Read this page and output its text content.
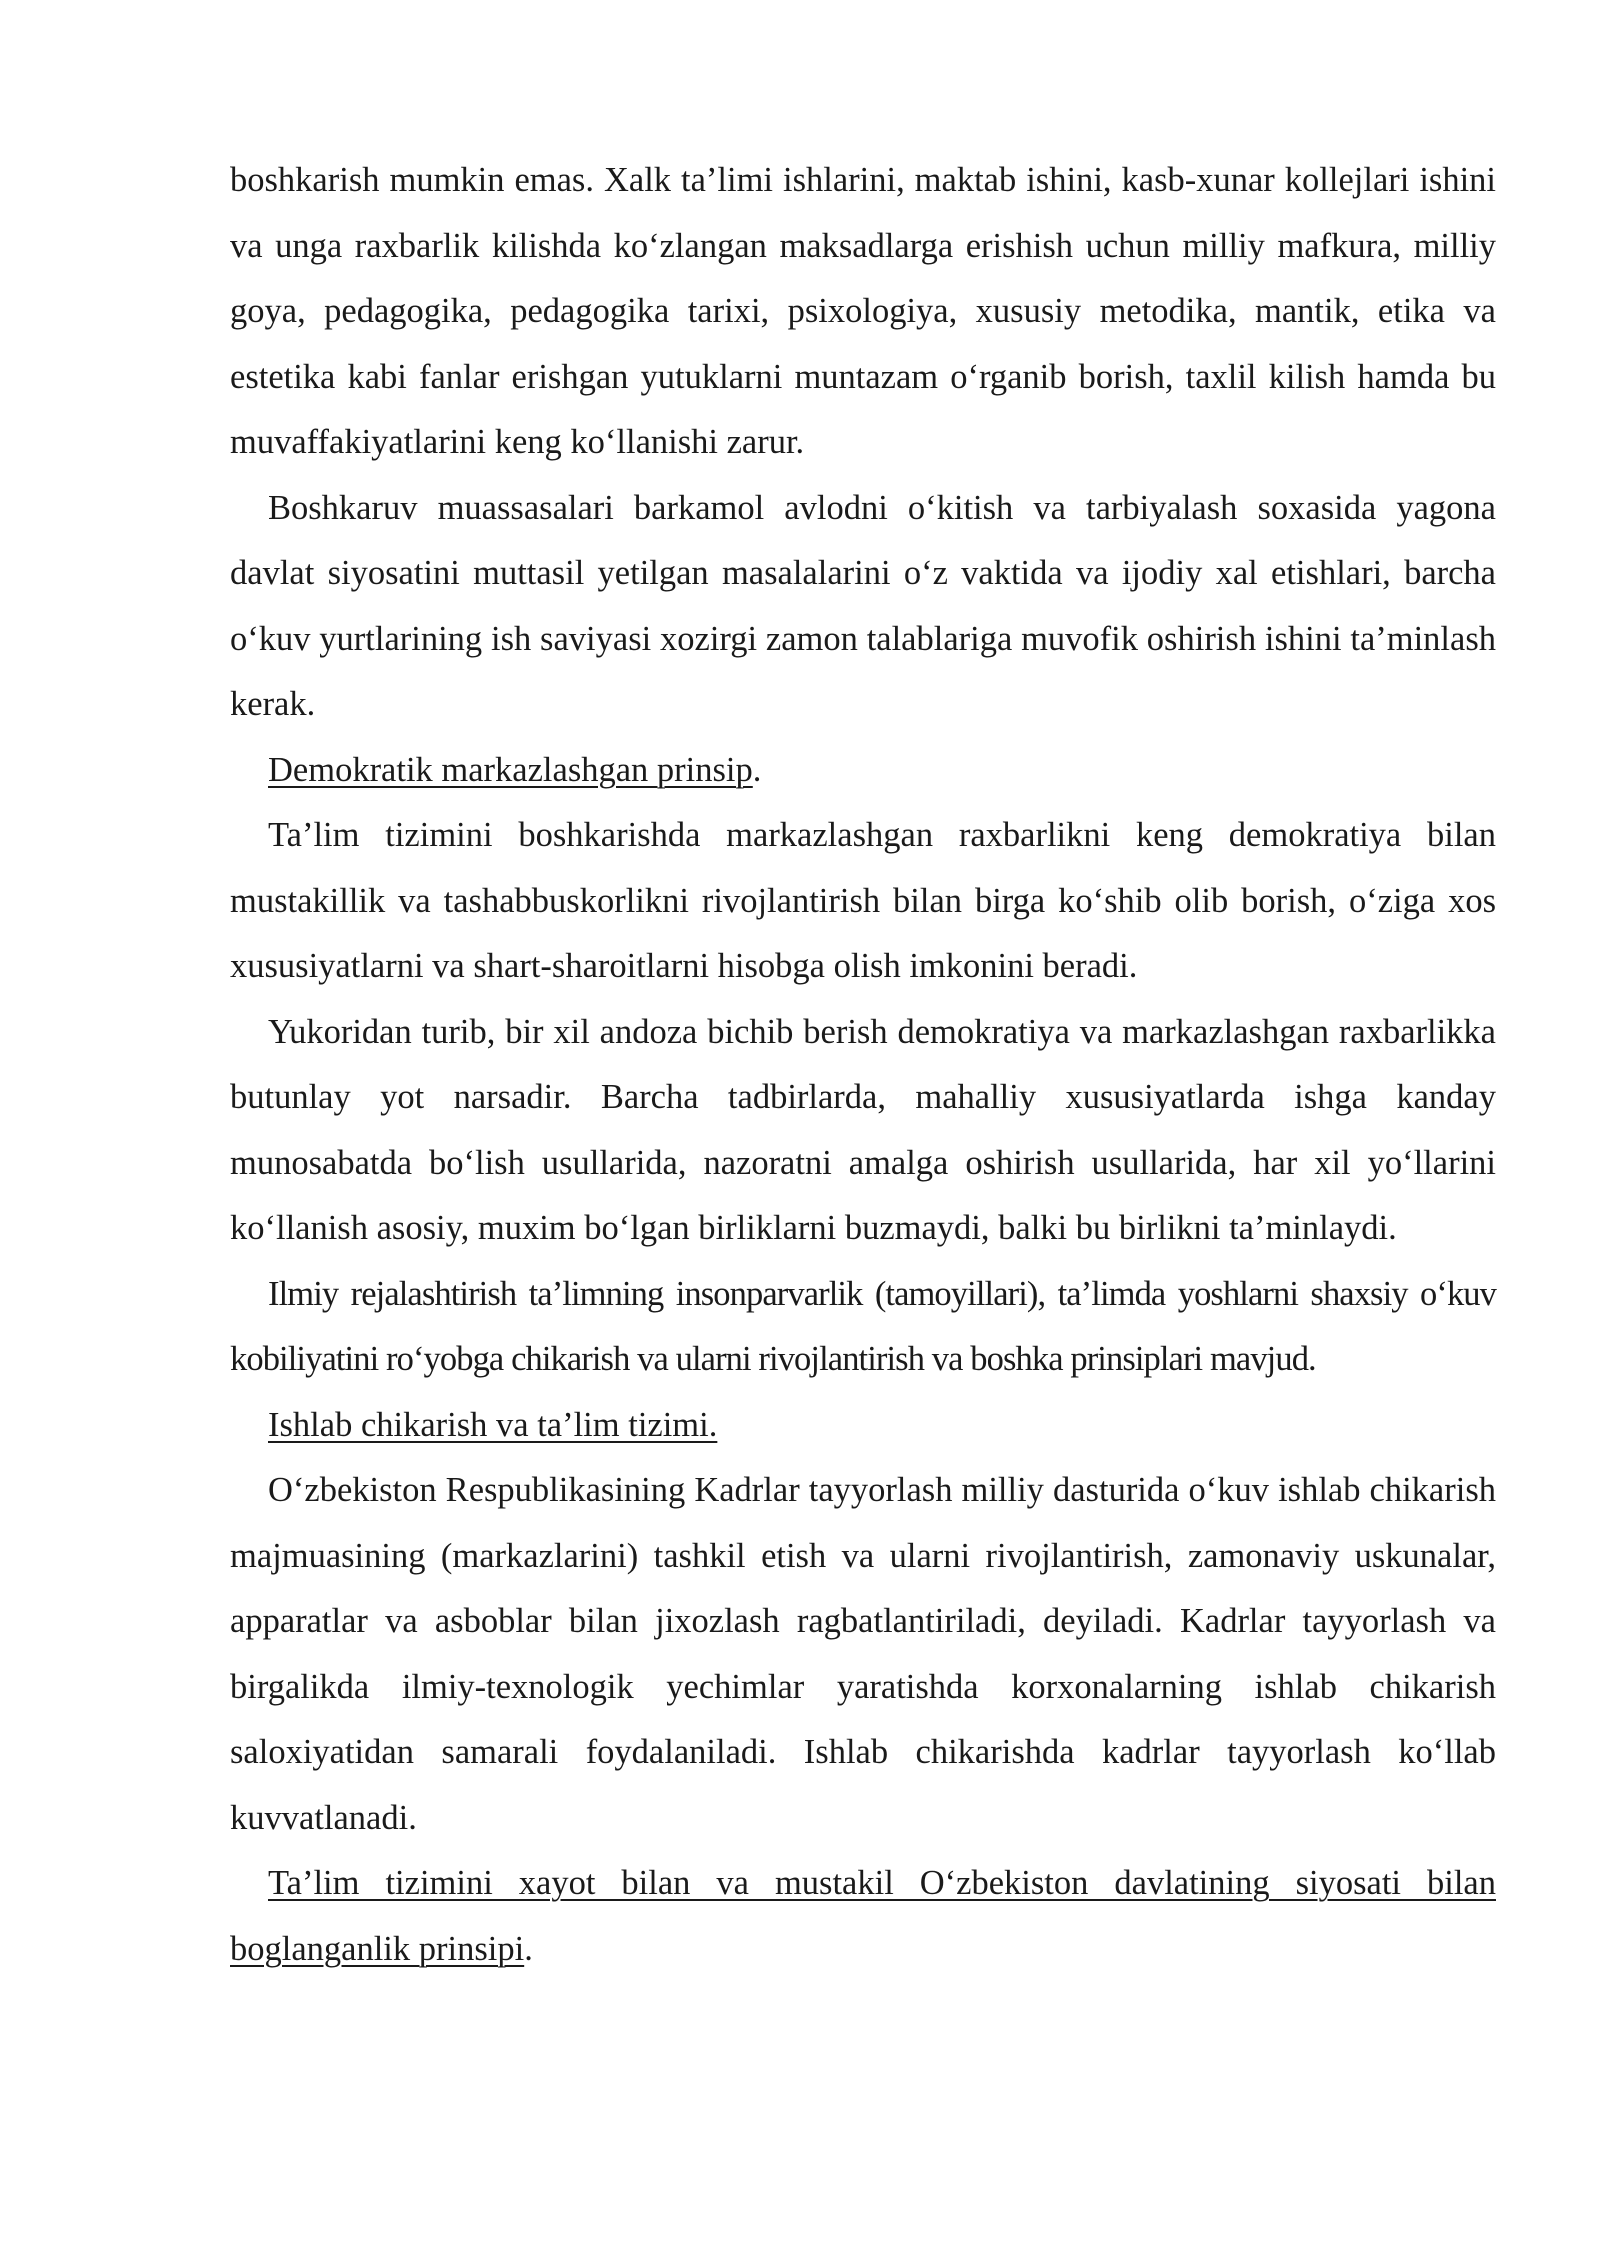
boshkarish mumkin emas. Xalk ta’limi ishlarini, maktab ishini, kasb-xunar kollejlari ishini va unga raxbarlik kilishda ko‘zlangan maksadlarga erishish uchun milliy mafkura, milliy goya, pedagogika, pedagogika tarixi, psixologiya, xususiy metodika, mantik, etika va estetika kabi fanlar erishgan yutuklarni muntazam o‘rganib borish, taxlil kilish hamda bu muvaffakiyatlarini keng ko‘llanishi zarur.

Boshkaruv muassasalari barkamol avlodni o‘kitish va tarbiyalash soxasida yagona davlat siyosatini muttasil yetilgan masalalarini o‘z vaktida va ijodiy xal etishlari, barcha o‘kuv yurtlarining ish saviyasi xozirgi zamon talablariga muvofik oshirish ishini ta’minlash kerak.

Demokratik markazlashgan prinsip.

Ta’lim tizimini boshkarishda markazlashgan raxbarlikni keng demokratiya bilan mustakillik va tashabbuskorlikni rivojlantirish bilan birga ko‘shib olib borish, o‘ziga xos xususiyatlarni va shart-sharoitlarni hisobga olish imkonini beradi.

Yukoridan turib, bir xil andoza bichib berish demokratiya va markazlashgan raxbarlikka butunlay yot narsadir. Barcha tadbirlarda, mahalliy xususiyatlarda ishga kanday munosabatda bo‘lish usullarida, nazoratni amalga oshirish usullarida, har xil yo‘llarini ko‘llanish asosiy, muxim bo‘lgan birliklarni buzmaydi, balki bu birlikni ta’minlaydi.

Ilmiy rejalashtirish ta’limning insonparvarlik (tamoyillari), ta’limda yoshlarni shaxsiy o‘kuv kobiliyatini ro‘yobga chikarish va ularni rivojlantirish va boshka prinsiplari mavjud.

Ishlab chikarish va ta’lim tizimi.

O‘zbekiston Respublikasining Kadrlar tayyorlash milliy dasturida o‘kuv ishlab chikarish majmuasining (markazlarini) tashkil etish va ularni rivojlantirish, zamonaviy uskunalar, apparatlar va asboblar bilan jixozlash ragbatlantiriladi, deyiladi. Kadrlar tayyorlash va birgalikda ilmiy-texnologik yechimlar yaratishda korxonalarning ishlab chikarish saloxiyatidan samarali foydalaniladi. Ishlab chikarishda kadrlar tayyorlash ko‘llab kuvvatlanadi.

Ta’lim tizimini xayot bilan va mustakil O‘zbekiston davlatining siyosati bilan boglanganlik prinsipi.
